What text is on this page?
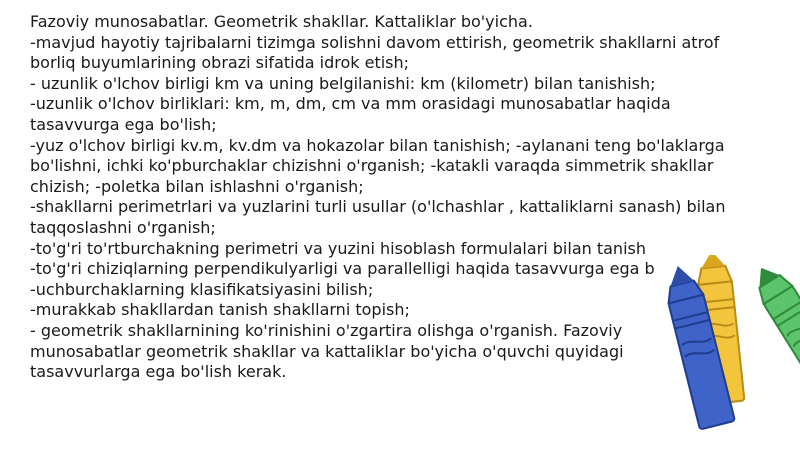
Fazoviy munosabatlar. Geometrik shakllar. Kattaliklar bo'yicha.
-mavjud hayotiy tajribalarni tizimga solishni davom ettirish, geometrik shakllarni atrof
borliq buyumlarining obrazi sifatida idrok etish;
- uzunlik o'lchov birligi km va uning belgilanishi: km (kilometr) bilan tanishish;
-uzunlik o'lchov birliklari: km, m, dm, cm va mm orasidagi munosabatlar haqida
tasavvurga ega bo'lish;
-yuz o'lchov birligi kv.m, kv.dm va hokazolar bilan tanishish; -aylanani teng bo'laklarga
bo'lishni, ichki ko'pburchaklar chizishni o'rganish; -katakli varaqda simmetrik shakllar
chizish; -poletka bilan ishlashni o'rganish;
-shakllarni perimetrlari va yuzlarini turli usullar (o'lchashlar , kattaliklarni sanash) bilan
taqqoslashni o'rganish;
-to'g'ri to'rtburchakning perimetri va yuzini hisoblash formulalari bilan tanish
-to'g'ri chiziqlarning perpendikulyarligi va parallelligi haqida tasavvurga ega b
-uchburchaklarning klasifikatsiyasini bilish;
-murakkab shakllardan tanish shakllarni topish;
- geometrik shakllarnining ko'rinishini o'zgartira olishga o'rganish. Fazoviy
munosabatlar geometrik shakllar va kattaliklar bo'yicha o'quvchi quyidagi
tasavvurlarga ega bo'lish kerak.
